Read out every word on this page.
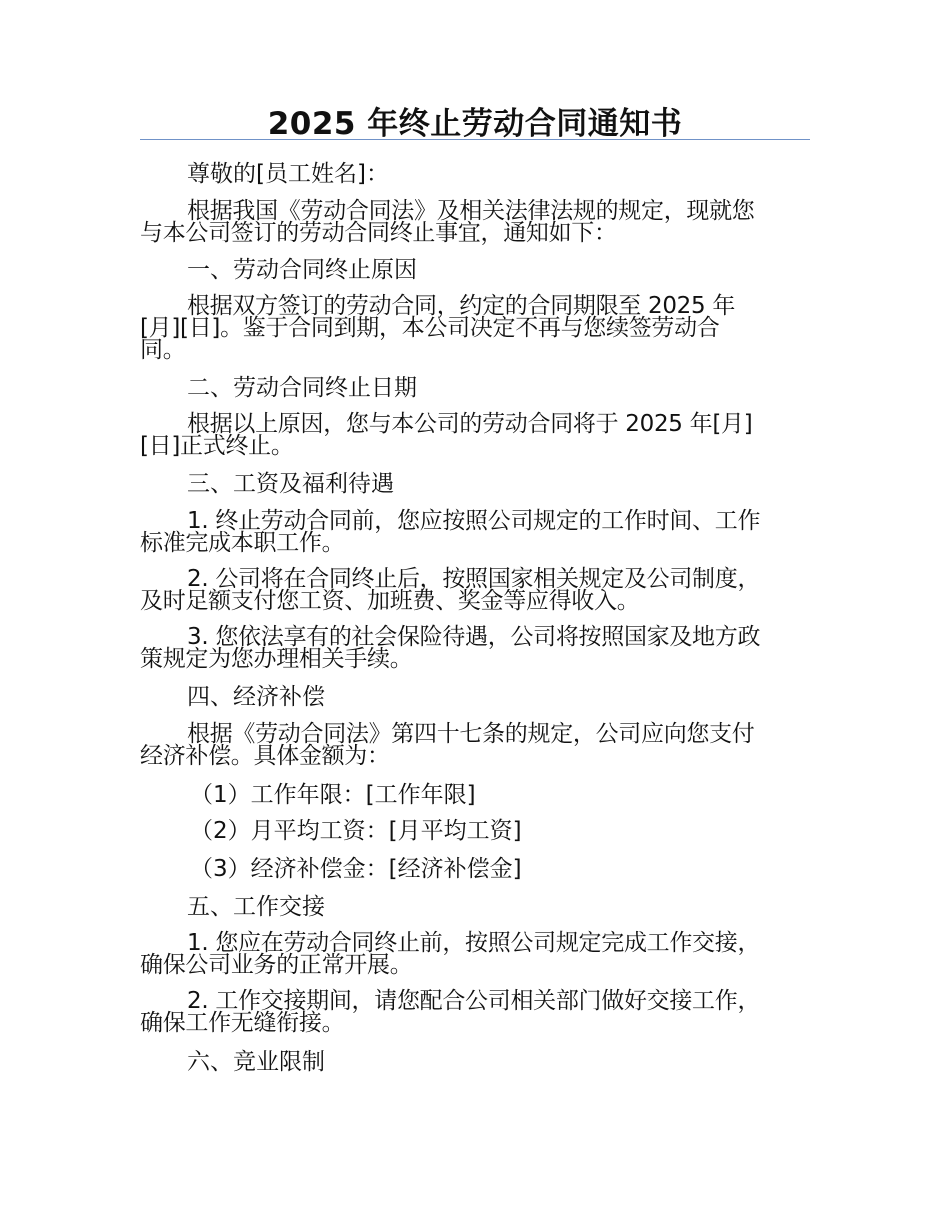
2025 年终止劳动合同通知书
尊敬的[员工姓名]：
根据我国《劳动合同法》及相关法律法规的规定，现就您
与本公司签订的劳动合同终止事宜，通知如下：
一、劳动合同终止原因
根据双方签订的劳动合同，约定的合同期限至 2025 年
[月][日]。鉴于合同到期，本公司决定不再与您续签劳动合
同。
二、劳动合同终止日期
根据以上原因，您与本公司的劳动合同将于 2025 年[月]
[日]正式终止。
三、工资及福利待遇
1. 终止劳动合同前，您应按照公司规定的工作时间、工作
标准完成本职工作。
2. 公司将在合同终止后，按照国家相关规定及公司制度，
及时足额支付您工资、加班费、奖金等应得收入。
3. 您依法享有的社会保险待遇，公司将按照国家及地方政
策规定为您办理相关手续。
四、经济补偿
根据《劳动合同法》第四十七条的规定，公司应向您支付
经济补偿。具体金额为：
（1）工作年限：[工作年限]
（2）月平均工资：[月平均工资]
（3）经济补偿金：[经济补偿金]
五、工作交接
1. 您应在劳动合同终止前，按照公司规定完成工作交接，
确保公司业务的正常开展。
2. 工作交接期间，请您配合公司相关部门做好交接工作，
确保工作无缝衔接。
六、竞业限制
